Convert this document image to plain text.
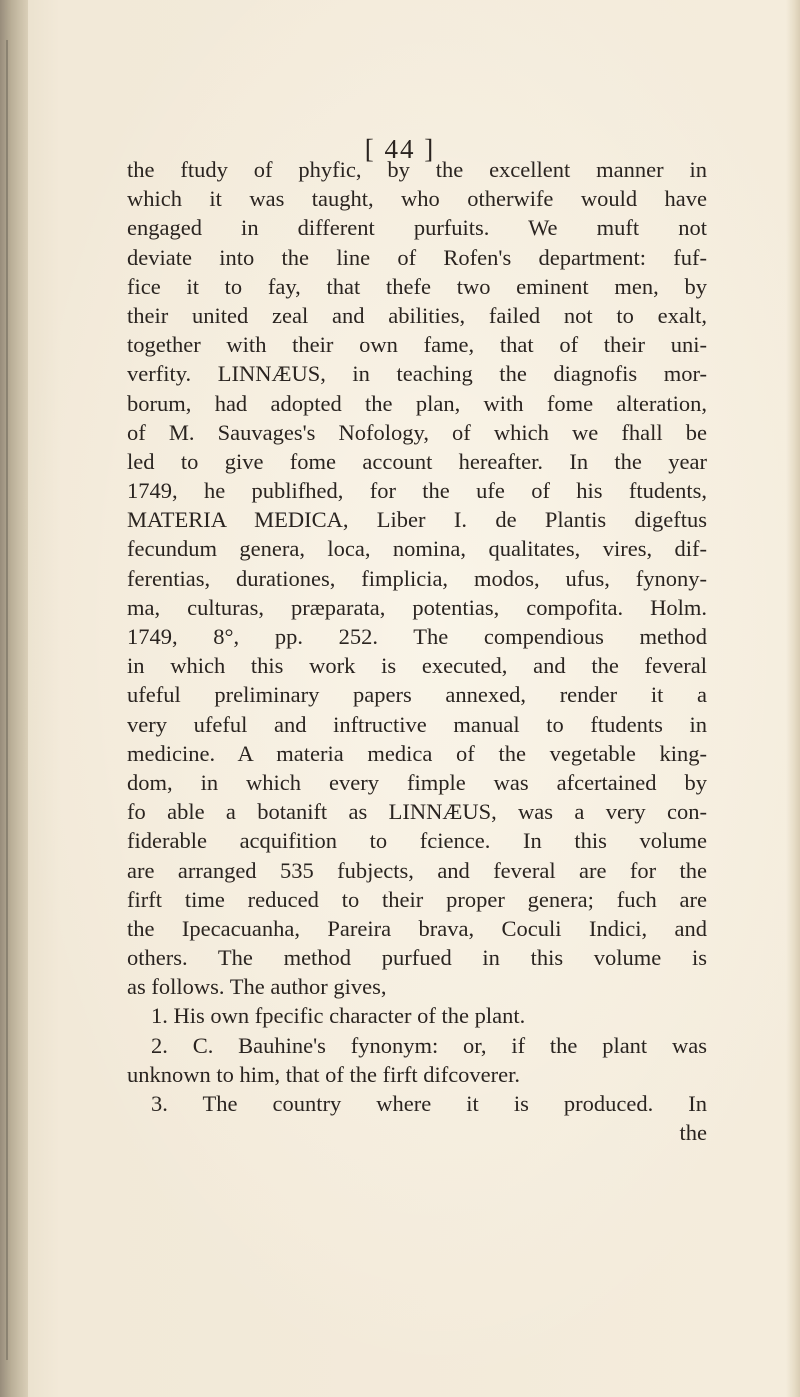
[ 44 ]
the ftudy of phyfic, by the excellent manner in
which it was taught, who otherwife would have
engaged in different purfuits. We muft not
deviate into the line of Rofen's department: fuf-
fice it to fay, that thefe two eminent men, by
their united zeal and abilities, failed not to exalt,
together with their own fame, that of their uni-
verfity. LINNÆUS, in teaching the diagnofis mor-
borum, had adopted the plan, with fome alteration,
of M. Sauvages's Nofology, of which we fhall be
led to give fome account hereafter. In the year
1749, he publifhed, for the ufe of his ftudents,
MATERIA MEDICA, Liber I. de Plantis digeftus
fecundum genera, loca, nomina, qualitates, vires, dif-
ferentias, durationes, fimplicia, modos, ufus, fynony-
ma, culturas, præparata, potentias, compofita. Holm.
1749, 8°, pp. 252. The compendious method
in which this work is executed, and the feveral
ufeful preliminary papers annexed, render it a
very ufeful and inftructive manual to ftudents in
medicine. A materia medica of the vegetable king-
dom, in which every fimple was afcertained by
fo able a botanift as LINNÆUS, was a very con-
fiderable acquifition to fcience. In this volume
are arranged 535 fubjects, and feveral are for the
firft time reduced to their proper genera; fuch are
the Ipecacuanha, Pareira brava, Coculi Indici, and
others. The method purfued in this volume is
as follows. The author gives,
1. His own fpecific character of the plant.
2. C. Bauhine's fynonym: or, if the plant was
unknown to him, that of the firft difcoverer.
3. The country where it is produced. In
the
